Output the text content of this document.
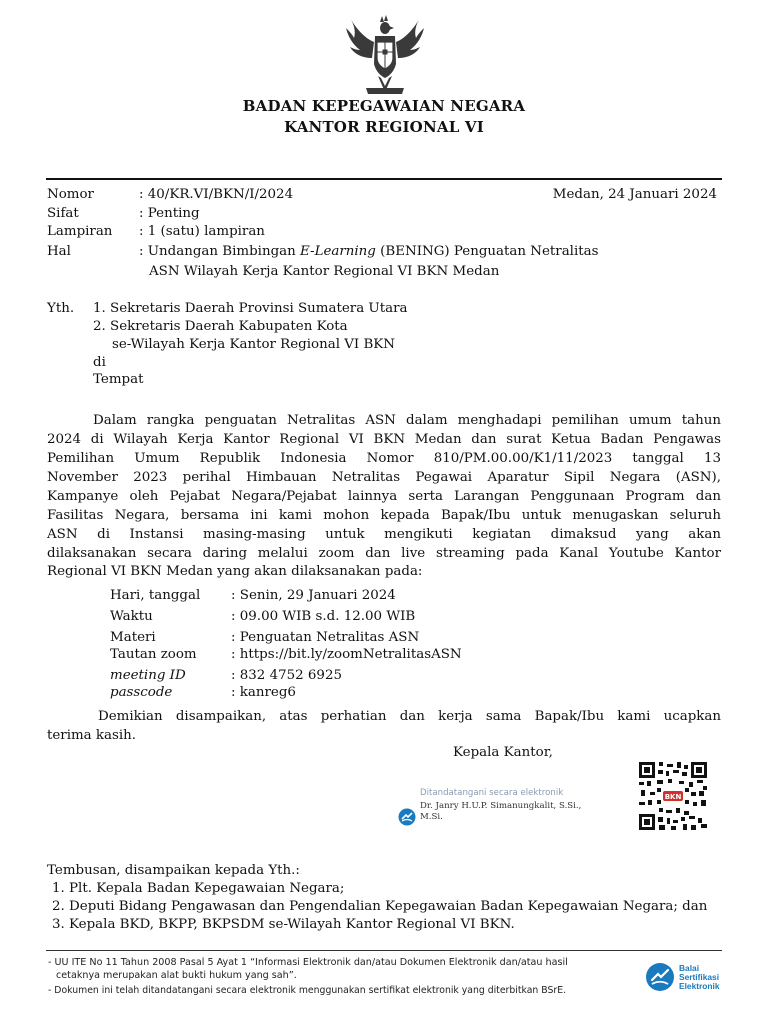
BADAN KEPEGAWAIAN NEGARA
KANTOR REGIONAL VI
Nomor	: 40/KR.VI/BKN/I/2024	Medan, 24 Januari 2024
Sifat	: Penting
Lampiran : 1 (satu) lampiran
Hal	: Undangan Bimbingan E-Learning (BENING) Penguatan Netralitas
ASN Wilayah Kerja Kantor Regional VI BKN Medan
Yth. 1. Sekretaris Daerah Provinsi Sumatera Utara
2. Sekretaris Daerah Kabupaten Kota
se-Wilayah Kerja Kantor Regional VI BKN
di
Tempat
Dalam rangka penguatan Netralitas ASN dalam menghadapi pemilihan umum tahun
2024 di Wilayah Kerja Kantor Regional VI BKN Medan dan surat Ketua Badan Pengawas
Pemilihan Umum Republik Indonesia Nomor 810/PM.00.00/K1/11/2023 tanggal 13
November 2023 perihal Himbauan Netralitas Pegawai Aparatur Sipil Negara (ASN),
Kampanye oleh Pejabat Negara/Pejabat lainnya serta Larangan Penggunaan Program dan
Fasilitas Negara, bersama ini kami mohon kepada Bapak/Ibu untuk menugaskan seluruh
ASN di Instansi masing-masing untuk mengikuti kegiatan dimaksud yang akan
dilaksanakan secara daring melalui zoom dan live streaming pada Kanal Youtube Kantor
Regional VI BKN Medan yang akan dilaksanakan pada:
Hari, tanggal : Senin, 29 Januari 2024
Waktu	: 09.00 WIB s.d. 12.00 WIB
Materi	: Penguatan Netralitas ASN
Tautan zoom	: https://bit.ly/zoomNetralitasASN
meeting ID	: 832 4752 6925
passcode	: kanreg6
Demikian disampaikan, atas perhatian dan kerja sama Bapak/Ibu kami ucapkan
terima kasih.
Kepala Kantor,
Ditandatangani secara elektronik
Dr. Janry H.U.P. Simanungkalit, S.Si.,
M.Si.
BKN
Tembusan, disampaikan kepada Yth.:
1. Plt. Kepala Badan Kepegawaian Negara;
2. Deputi Bidang Pengawasan dan Pengendalian Kepegawaian Badan Kepegawaian Negara; dan
3. Kepala BKD, BKPP, BKPSDM se-Wilayah Kantor Regional VI BKN.
- UU ITE No 11 Tahun 2008 Pasal 5 Ayat 1 “Informasi Elektronik dan/atau Dokumen Elektronik dan/atau hasil
cetaknya merupakan alat bukti hukum yang sah”.
- Dokumen ini telah ditandatangani secara elektronik menggunakan sertifikat elektronik yang diterbitkan BSrE.
Balai
Sertifikasi
Elektronik
